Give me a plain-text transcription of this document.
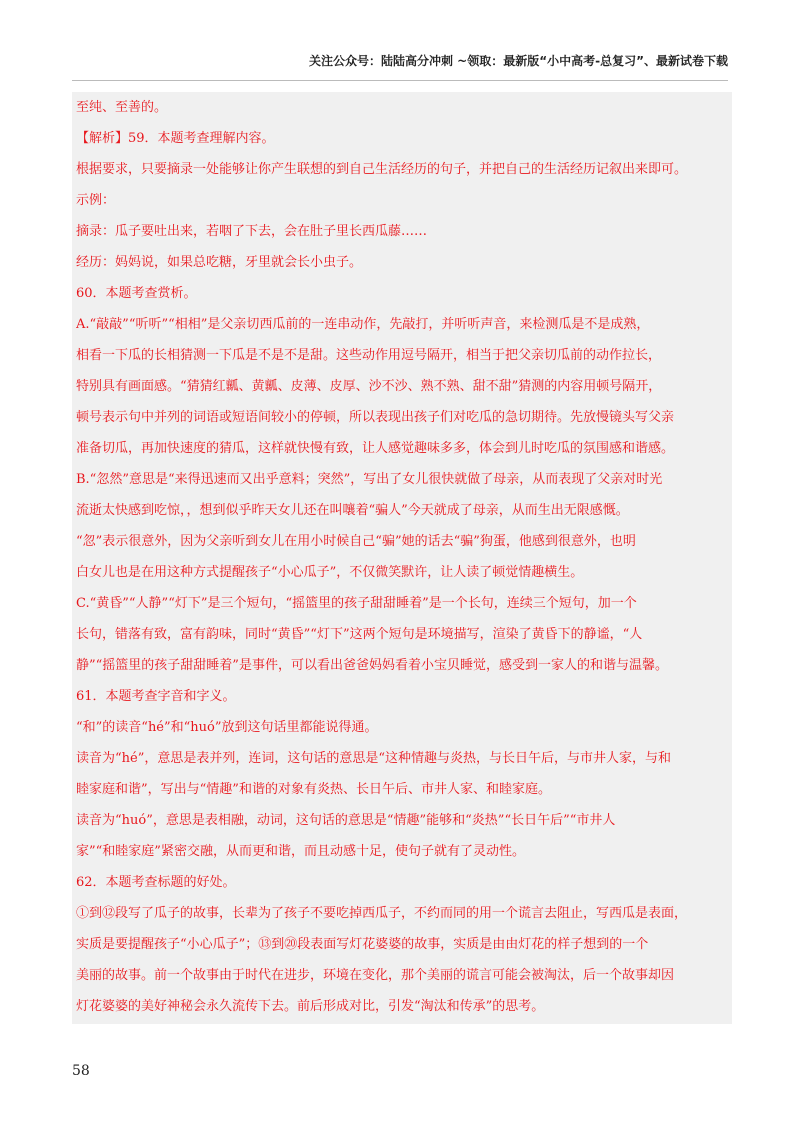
关注公众号：陆陆高分冲刺 ~领取：最新版“小中高考-总复习”、最新试卷下载
至纯、至善的。
【解析】59．本题考查理解内容。
根据要求，只要摘录一处能够让你产生联想的到自己生活经历的句子，并把自己的生活经历记叙出来即可。
示例：
摘录：瓜子要吐出来，若咽了下去，会在肚子里长西瓜藤……
经历：妈妈说，如果总吃糖，牙里就会长小虫子。
60．本题考查赏析。
A.“敲敲”“听听”“相相”是父亲切西瓜前的一连串动作，先敲打，并听听声音，来检测瓜是不是成熟，
相看一下瓜的长相猜测一下瓜是不是不是甜。这些动作用逗号隔开，相当于把父亲切瓜前的动作拉长，
特别具有画面感。“猜猜红瓤、黄瓤、皮薄、皮厚、沙不沙、熟不熟、甜不甜”猜测的内容用顿号隔开，
顿号表示句中并列的词语或短语间较小的停顿，所以表现出孩子们对吃瓜的急切期待。先放慢镜头写父亲
准备切瓜，再加快速度的猜瓜，这样就快慢有致，让人感觉趣味多多，体会到儿时吃瓜的氛围感和谐感。
B.“忽然”意思是“来得迅速而又出乎意料；突然”，写出了女儿很快就做了母亲，从而表现了父亲对时光
流逝太快感到吃惊，，想到似乎昨天女儿还在叫嚷着“骗人”今天就成了母亲，从而生出无限感慨。
“忽”表示很意外，因为父亲听到女儿在用小时候自己“骗”她的话去“骗”狗蛋，他感到很意外，也明
白女儿也是在用这种方式提醒孩子“小心瓜子”，不仅微笑默许，让人读了顿觉情趣横生。
C.“黄昏”“人静”“灯下”是三个短句，“摇篮里的孩子甜甜睡着”是一个长句，连续三个短句，加一个
长句，错落有致，富有韵味，同时“黄昏”“灯下”这两个短句是环境描写，渲染了黄昏下的静谧，“人
静”“摇篮里的孩子甜甜睡着”是事件，可以看出爸爸妈妈看着小宝贝睡觉，感受到一家人的和谐与温馨。
61．本题考查字音和字义。
“和”的读音“hé”和“huó”放到这句话里都能说得通。
读音为“hé”，意思是表并列，连词，这句话的意思是“这种情趣与炎热，与长日午后，与市井人家，与和
睦家庭和谐”，写出与“情趣”和谐的对象有炎热、长日午后、市井人家、和睦家庭。
读音为“huó”，意思是表相融，动词，这句话的意思是“情趣”能够和“炎热”“长日午后”“市井人
家”“和睦家庭”紧密交融，从而更和谐，而且动感十足，使句子就有了灵动性。
62．本题考查标题的好处。
①到⑫段写了瓜子的故事，长辈为了孩子不要吃掉西瓜子，不约而同的用一个谎言去阻止，写西瓜是表面，
实质是要提醒孩子“小心瓜子”；⑬到⑳段表面写灯花婆婆的故事，实质是由由灯花的样子想到的一个
美丽的故事。前一个故事由于时代在进步，环境在变化，那个美丽的谎言可能会被淘汰，后一个故事却因
灯花婆婆的美好神秘会永久流传下去。前后形成对比，引发“淘汰和传承”的思考。
58
